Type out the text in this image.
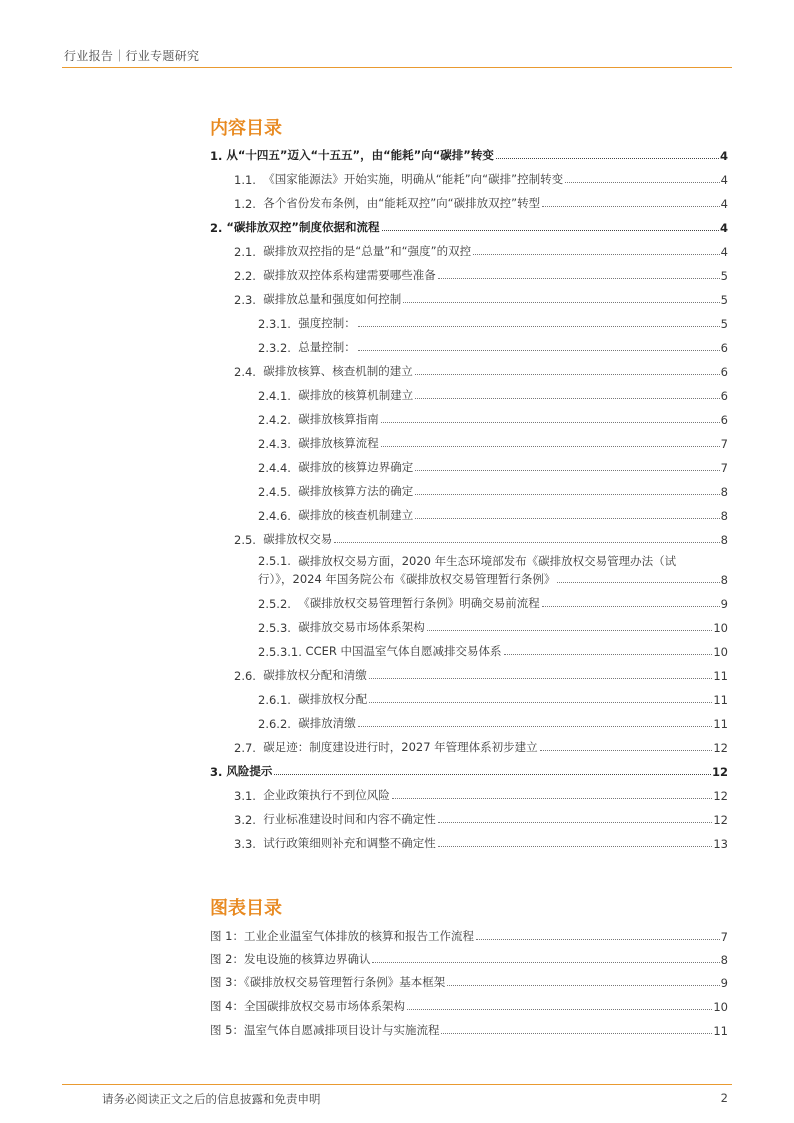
行业报告｜行业专题研究
内容目录
1. 从“十四五”迈入“十五五”，由“能耗”向“碳排”转变	4
1.1. 《国家能源法》开始实施，明确从“能耗”向“碳排”控制转变	4
1.2. 各个省份发布条例，由“能耗双控”向“碳排放双控”转型	4
2. “碳排放双控”制度依据和流程	4
2.1. 碳排放双控指的是“总量”和“强度”的双控	4
2.2. 碳排放双控体系构建需要哪些准备	5
2.3. 碳排放总量和强度如何控制	5
2.3.1. 强度控制：	5
2.3.2. 总量控制：	6
2.4. 碳排放核算、核查机制的建立	6
2.4.1. 碳排放的核算机制建立	6
2.4.2. 碳排放核算指南	6
2.4.3. 碳排放核算流程	7
2.4.4. 碳排放的核算边界确定	7
2.4.5. 碳排放核算方法的确定	8
2.4.6. 碳排放的核查机制建立	8
2.5. 碳排放权交易	8
2.5.1.  碳排放权交易方面，2020 年生态环境部发布《碳排放权交易管理办法（试
行）》，2024 年国务院公布《碳排放权交易管理暂行条例》	8
2.5.2. 《碳排放权交易管理暂行条例》明确交易前流程	9
2.5.3. 碳排放交易市场体系架构	10
2.5.3.1. CCER 中国温室气体自愿减排交易体系	10
2.6. 碳排放权分配和清缴	11
2.6.1. 碳排放权分配	11
2.6.2. 碳排放清缴	11
2.7. 碳足迹：制度建设进行时，2027 年管理体系初步建立	12
3. 风险提示	12
3.1. 企业政策执行不到位风险	12
3.2. 行业标准建设时间和内容不确定性	12
3.3. 试行政策细则补充和调整不确定性	13
图表目录
图 1：工业企业温室气体排放的核算和报告工作流程	7
图 2：发电设施的核算边界确认	8
图 3：《碳排放权交易管理暂行条例》基本框架	9
图 4：全国碳排放权交易市场体系架构	10
图 5：温室气体自愿减排项目设计与实施流程	11
请务必阅读正文之后的信息披露和免责申明	2
